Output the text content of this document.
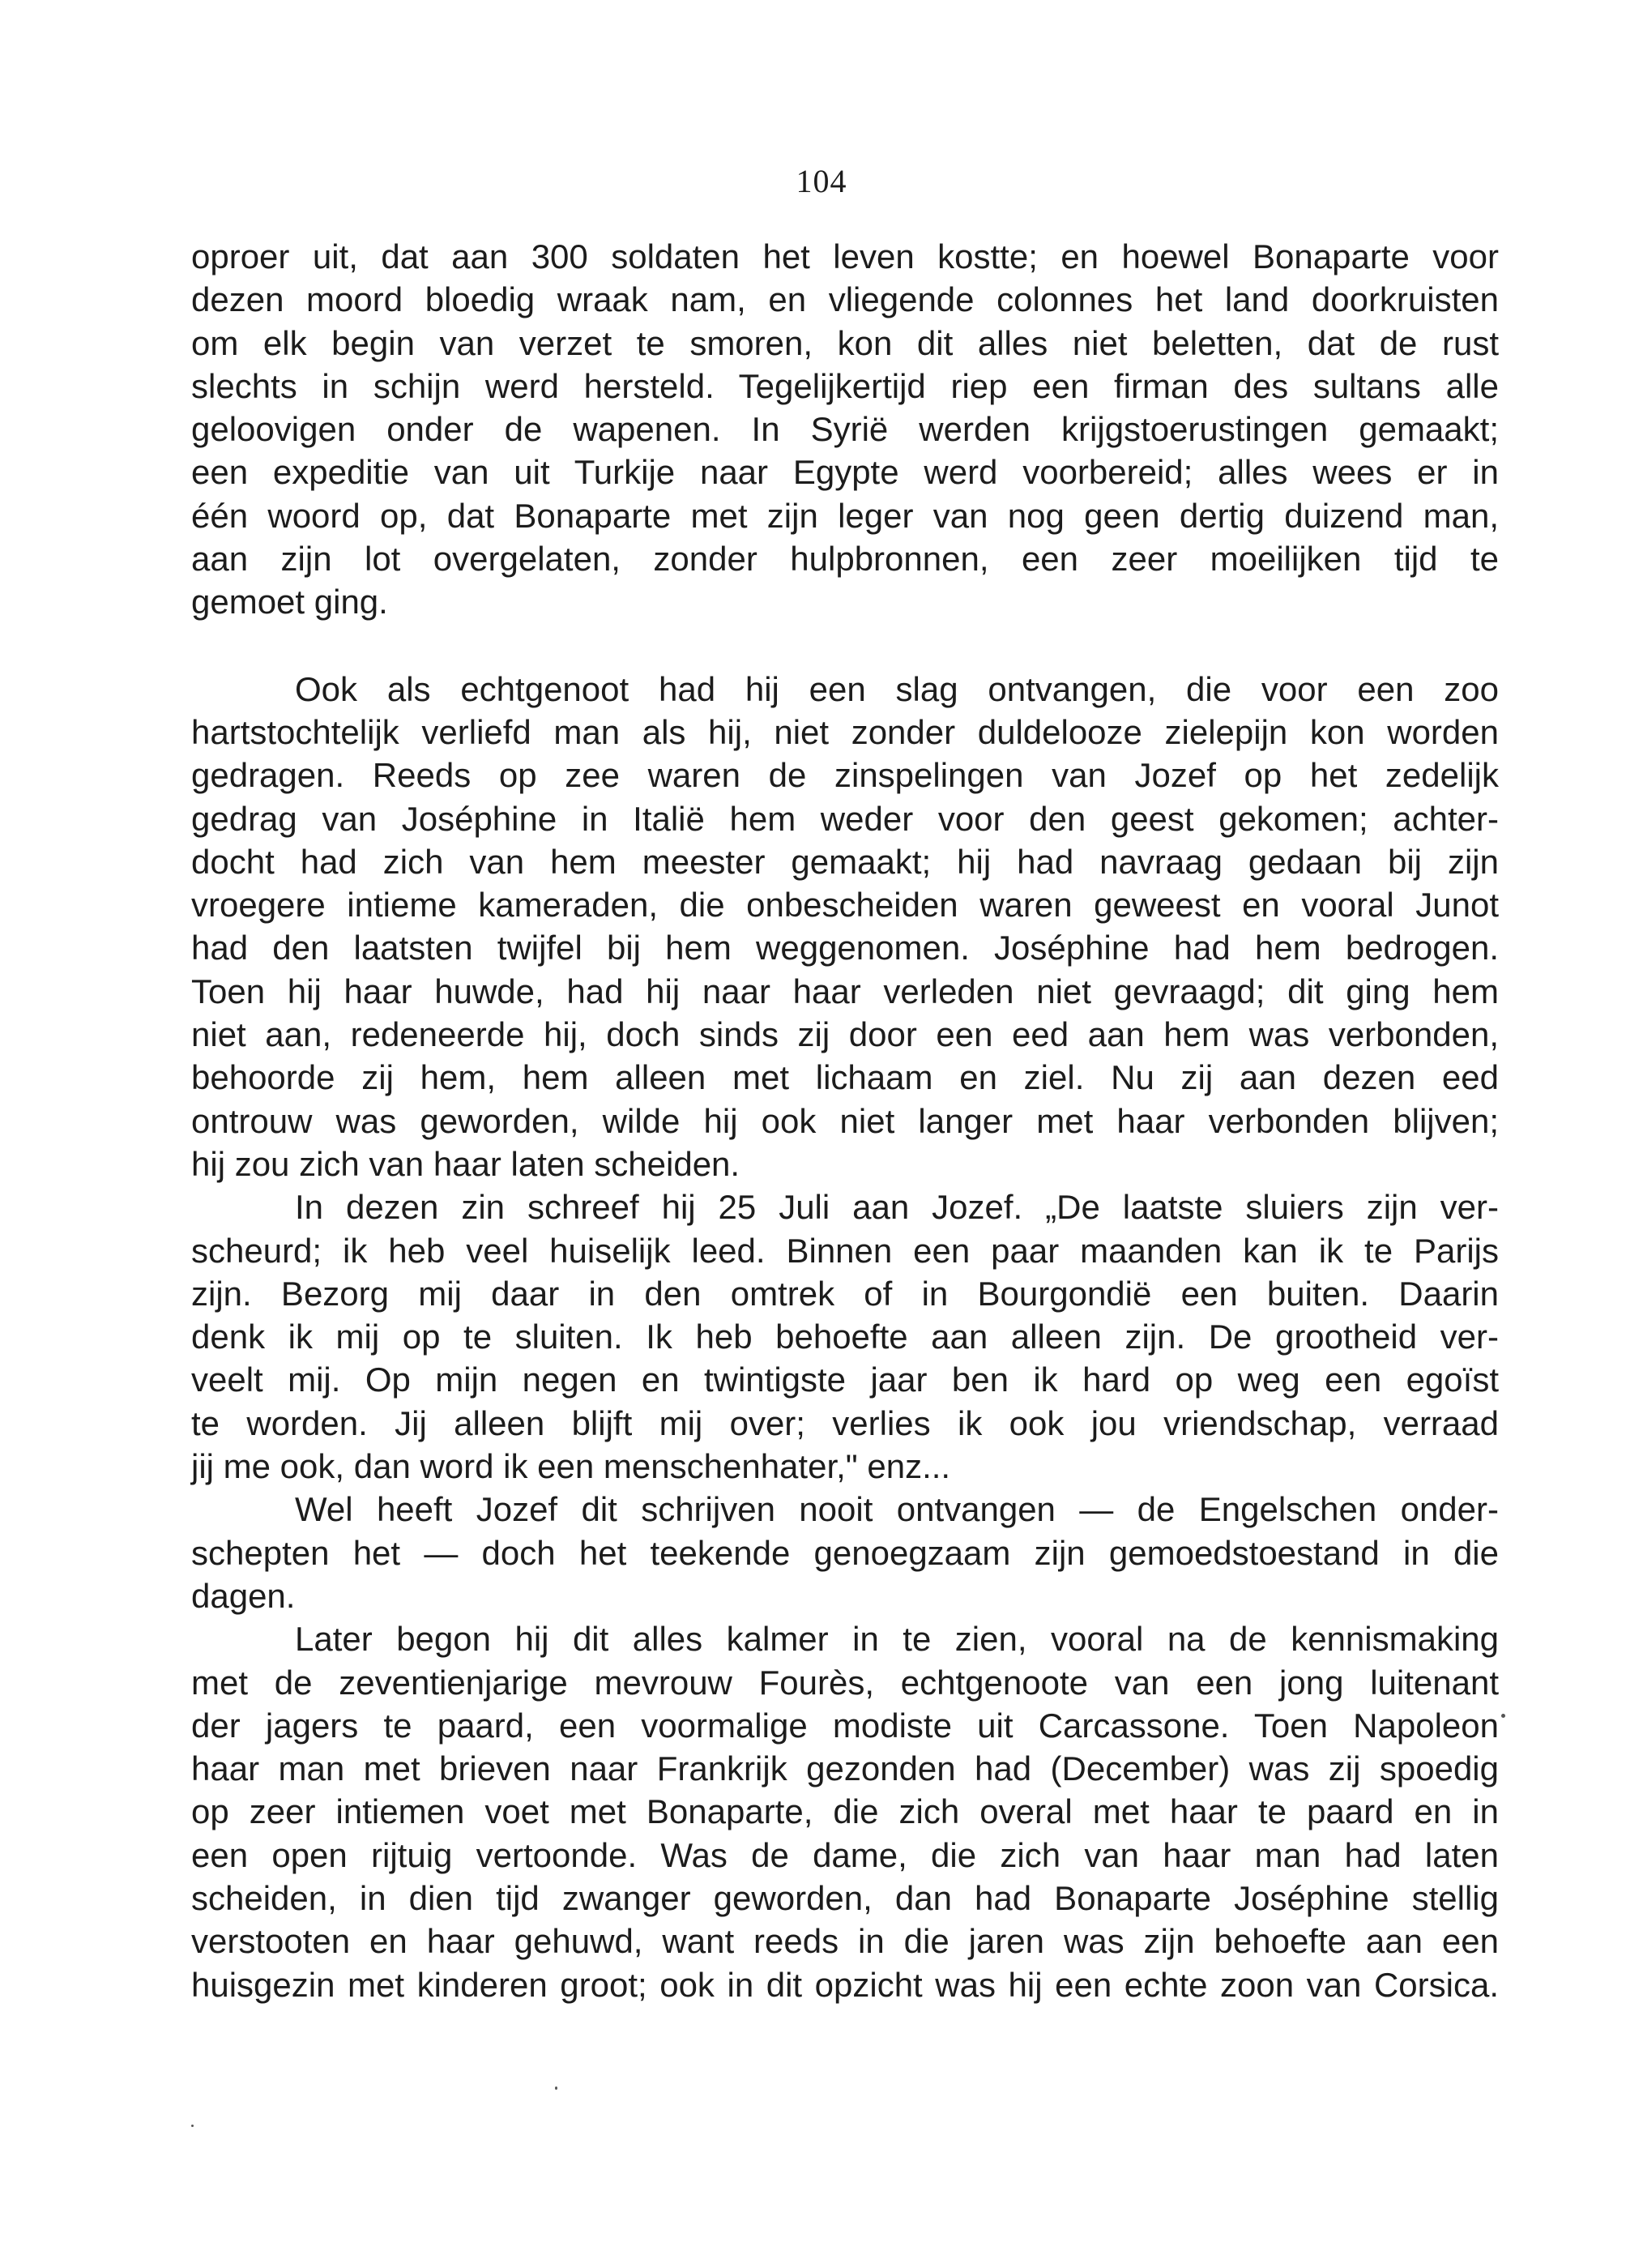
104
oproer uit, dat aan 300 soldaten het leven kostte; en hoewel Bonaparte voor
dezen moord bloedig wraak nam, en vliegende colonnes het land doorkruisten
om elk begin van verzet te smoren, kon dit alles niet beletten, dat de rust
slechts in schijn werd hersteld. Tegelijkertijd riep een firman des sultans alle
geloovigen onder de wapenen. In Syrië werden krijgstoerustingen gemaakt;
een expeditie van uit Turkije naar Egypte werd voorbereid; alles wees er in
één woord op, dat Bonaparte met zijn leger van nog geen dertig duizend man,
aan zijn lot overgelaten, zonder hulpbronnen, een zeer moeilijken tijd te
gemoet ging.
Ook als echtgenoot had hij een slag ontvangen, die voor een zoo
hartstochtelijk verliefd man als hij, niet zonder duldelooze zielepijn kon worden
gedragen. Reeds op zee waren de zinspelingen van Jozef op het zedelijk
gedrag van Joséphine in Italië hem weder voor den geest gekomen; achter-
docht had zich van hem meester gemaakt; hij had navraag gedaan bij zijn
vroegere intieme kameraden, die onbescheiden waren geweest en vooral Junot
had den laatsten twijfel bij hem weggenomen. Joséphine had hem bedrogen.
Toen hij haar huwde, had hij naar haar verleden niet gevraagd; dit ging hem
niet aan, redeneerde hij, doch sinds zij door een eed aan hem was verbonden,
behoorde zij hem, hem alleen met lichaam en ziel. Nu zij aan dezen eed
ontrouw was geworden, wilde hij ook niet langer met haar verbonden blijven;
hij zou zich van haar laten scheiden.
In dezen zin schreef hij 25 Juli aan Jozef. „De laatste sluiers zijn ver-
scheurd; ik heb veel huiselijk leed. Binnen een paar maanden kan ik te Parijs
zijn. Bezorg mij daar in den omtrek of in Bourgondië een buiten. Daarin
denk ik mij op te sluiten. Ik heb behoefte aan alleen zijn. De grootheid ver-
veelt mij. Op mijn negen en twintigste jaar ben ik hard op weg een egoïst
te worden. Jij alleen blijft mij over; verlies ik ook jou vriendschap, verraad
jij me ook, dan word ik een menschenhater," enz...
Wel heeft Jozef dit schrijven nooit ontvangen — de Engelschen onder-
schepten het — doch het teekende genoegzaam zijn gemoedstoestand in die
dagen.
Later begon hij dit alles kalmer in te zien, vooral na de kennismaking
met de zeventienjarige mevrouw Fourès, echtgenoote van een jong luitenant
der jagers te paard, een voormalige modiste uit Carcassone. Toen Napoleon
haar man met brieven naar Frankrijk gezonden had (December) was zij spoedig
op zeer intiemen voet met Bonaparte, die zich overal met haar te paard en in
een open rijtuig vertoonde. Was de dame, die zich van haar man had laten
scheiden, in dien tijd zwanger geworden, dan had Bonaparte Joséphine stellig
verstooten en haar gehuwd, want reeds in die jaren was zijn behoefte aan een
huisgezin met kinderen groot; ook in dit opzicht was hij een echte zoon van Corsica.
